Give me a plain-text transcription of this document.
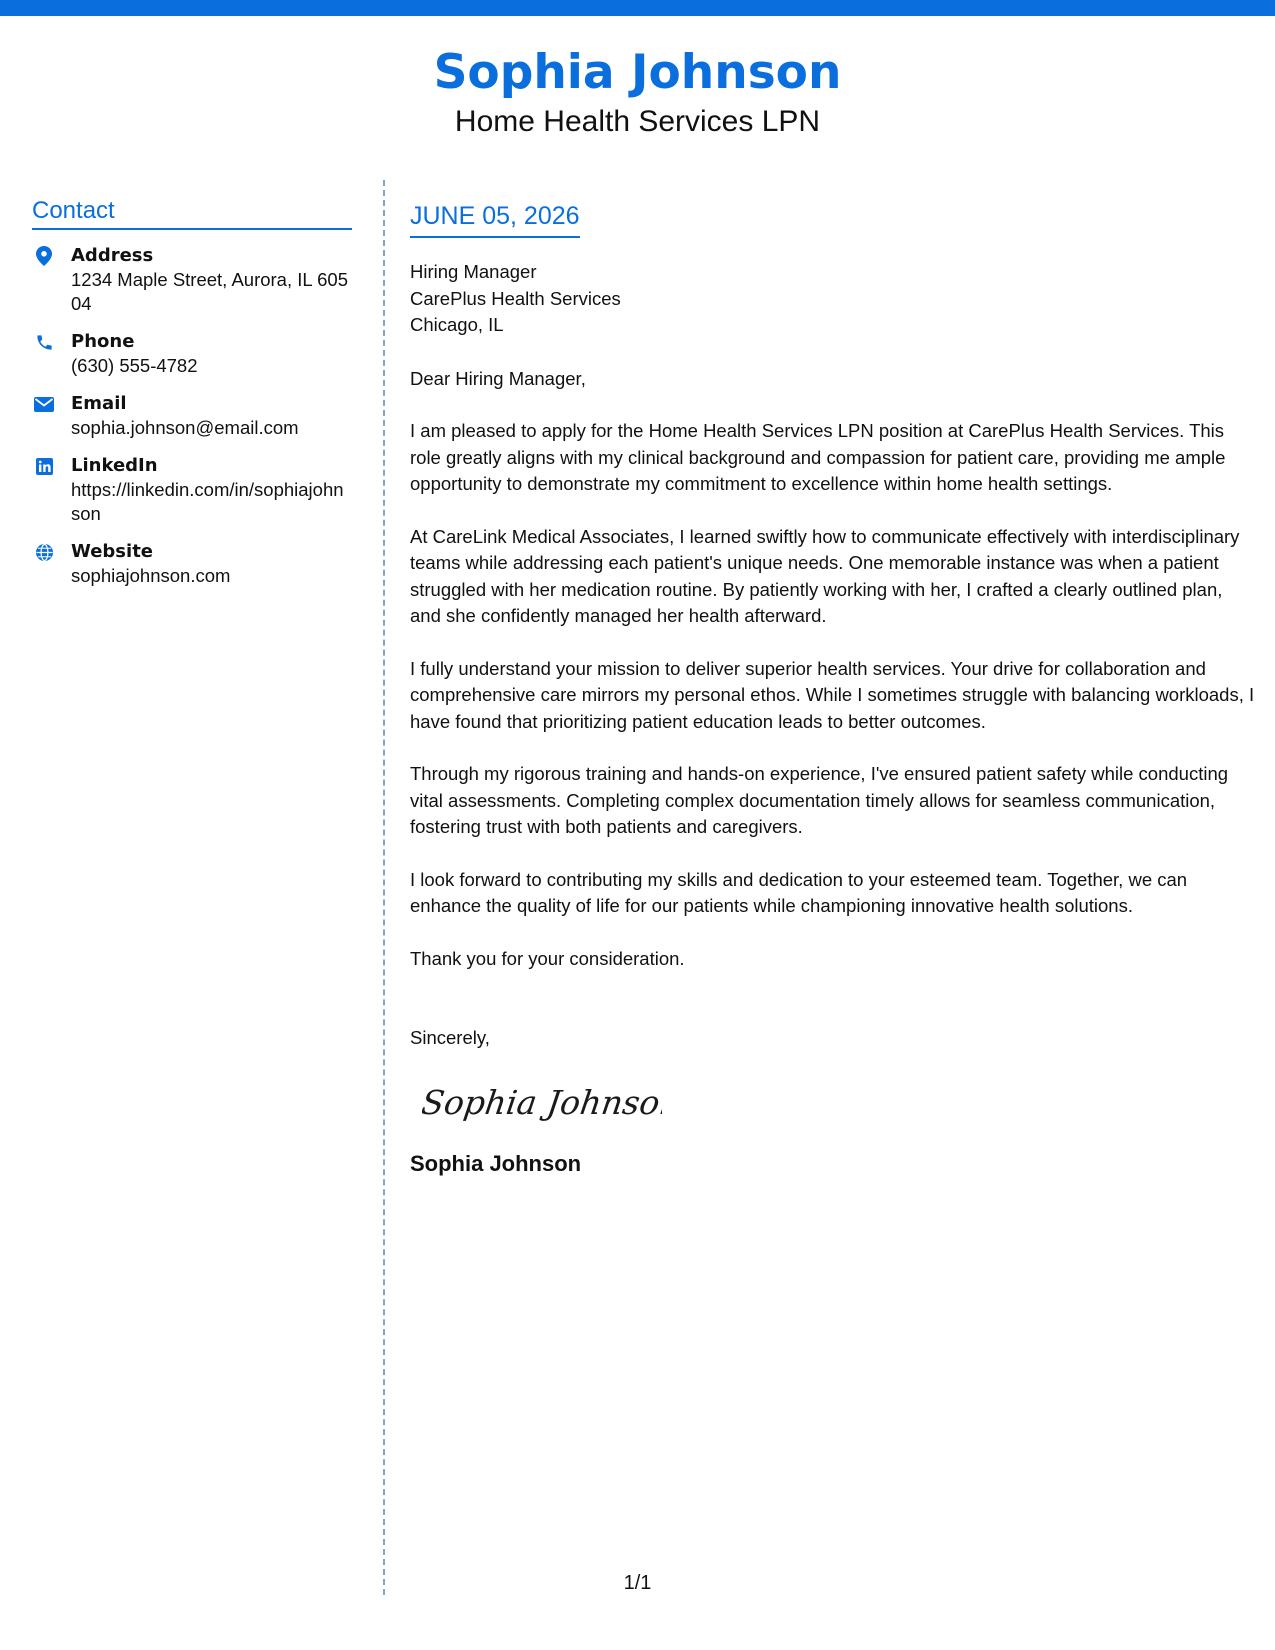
Sophia Johnson
Home Health Services LPN
Contact
Address
1234 Maple Street, Aurora, IL 60504
Phone
(630) 555-4782
Email
sophia.johnson@email.com
LinkedIn
https://linkedin.com/in/sophiajohnson
Website
sophiajohnson.com
JUNE 05, 2026
Hiring Manager
CarePlus Health Services
Chicago, IL

Dear Hiring Manager,

I am pleased to apply for the Home Health Services LPN position at CarePlus Health Services. This role greatly aligns with my clinical background and compassion for patient care, providing me ample opportunity to demonstrate my commitment to excellence within home health settings.

At CareLink Medical Associates, I learned swiftly how to communicate effectively with interdisciplinary teams while addressing each patient's unique needs. One memorable instance was when a patient struggled with her medication routine. By patiently working with her, I crafted a clearly outlined plan, and she confidently managed her health afterward.

I fully understand your mission to deliver superior health services. Your drive for collaboration and comprehensive care mirrors my personal ethos. While I sometimes struggle with balancing workloads, I have found that prioritizing patient education leads to better outcomes.

Through my rigorous training and hands-on experience, I've ensured patient safety while conducting vital assessments. Completing complex documentation timely allows for seamless communication, fostering trust with both patients and caregivers.

I look forward to contributing my skills and dedication to your esteemed team. Together, we can enhance the quality of life for our patients while championing innovative health solutions.

Thank you for your consideration.

Sincerely,

Sophia Johnson
Sophia Johnson
1/1
